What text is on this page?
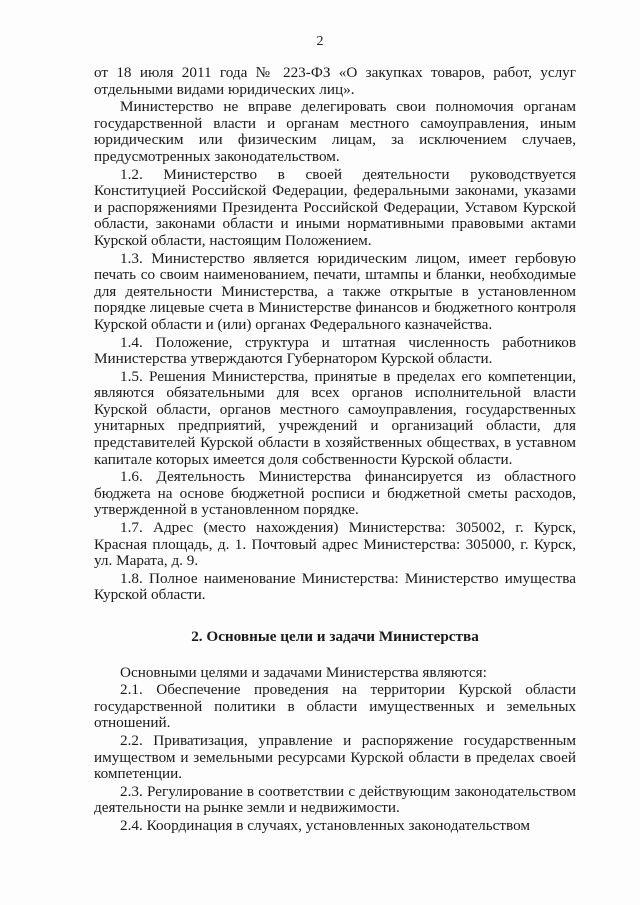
2

от 18 июля 2011 года № 223-ФЗ «О закупках товаров, работ, услуг отдельными видами юридических лиц».

Министерство не вправе делегировать свои полномочия органам государственной власти и органам местного самоуправления, иным юридическим или физическим лицам, за исключением случаев, предусмотренных законодательством.

1.2. Министерство в своей деятельности руководствуется Конституцией Российской Федерации, федеральными законами, указами и распоряжениями Президента Российской Федерации, Уставом Курской области, законами области и иными нормативными правовыми актами Курской области, настоящим Положением.

1.3. Министерство является юридическим лицом, имеет гербовую печать со своим наименованием, печати, штампы и бланки, необходимые для деятельности Министерства, а также открытые в установленном порядке лицевые счета в Министерстве финансов и бюджетного контроля Курской области и (или) органах Федерального казначейства.

1.4. Положение, структура и штатная численность работников Министерства утверждаются Губернатором Курской области.

1.5. Решения Министерства, принятые в пределах его компетенции, являются обязательными для всех органов исполнительной власти Курской области, органов местного самоуправления, государственных унитарных предприятий, учреждений и организаций области, для представителей Курской области в хозяйственных обществах, в уставном капитале которых имеется доля собственности Курской области.

1.6. Деятельность Министерства финансируется из областного бюджета на основе бюджетной росписи и бюджетной сметы расходов, утвержденной в установленном порядке.

1.7. Адрес (место нахождения) Министерства: 305002, г. Курск, Красная площадь, д. 1. Почтовый адрес Министерства: 305000, г. Курск, ул. Марата, д. 9.

1.8. Полное наименование Министерства: Министерство имущества Курской области.

2. Основные цели и задачи Министерства

Основными целями и задачами Министерства являются:

2.1. Обеспечение проведения на территории Курской области государственной политики в области имущественных и земельных отношений.

2.2. Приватизация, управление и распоряжение государственным имуществом и земельными ресурсами Курской области в пределах своей компетенции.

2.3. Регулирование в соответствии с действующим законодательством деятельности на рынке земли и недвижимости.

2.4. Координация в случаях, установленных законодательством
